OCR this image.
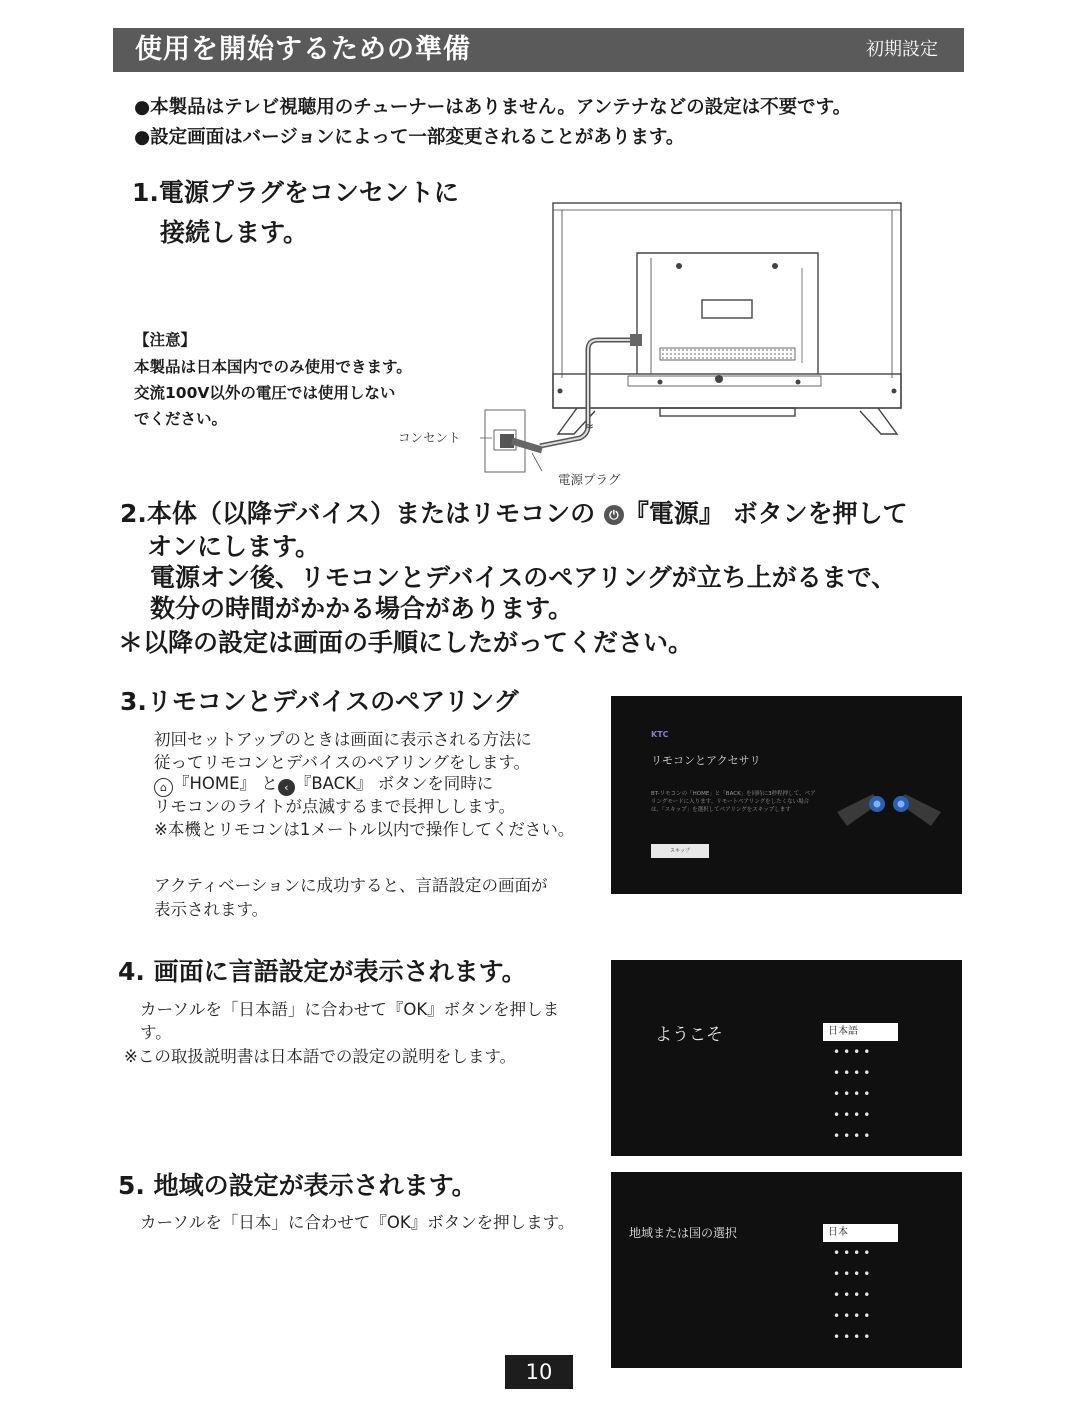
使用を開始するための準備	初期設定
●本製品はテレビ視聴用のチューナーはありません。アンテナなどの設定は不要です。
●設定画面はバージョンによって一部変更されることがあります。
1.電源プラグをコンセントに
接続します。
【注意】
本製品は日本国内でのみ使用できます。
交流100V以外の電圧では使用しない
でください。	≈
コンセント
電源プラグ
2.本体（以降デバイス）またはリモコンの ⏻ 『電源』 ボタンを押して
オンにします。
電源オン後、リモコンとデバイスのペアリングが立ち上がるまで、
数分の時間がかかる場合があります。
＊以降の設定は画面の手順にしたがってください。
3.リモコンとデバイスのペアリング
初回セットアップのときは画面に表示される方法に
従ってリモコンとデバイスのペアリングをします。
⌂ 『HOME』 と ‹ 『BACK』 ボタンを同時に
リモコンのライトが点滅するまで長押しします。
※本機とリモコンは1メートル以内で操作してください。
アクティベーションに成功すると、言語設定の画面が
表示されます。
KTC
リモコンとアクセサリ
BT-リモコンの「HOME」と「BACK」を同時に3秒程押して、ペア
リングモードに入ります。リモートペアリングをしたくない場合
は、「スキップ」を選択してペアリングをスキップします
スキップ
4. 画面に言語設定が表示されます。
カーソルを「日本語」に合わせて『OK』ボタンを押しま
す。
※この取扱説明書は日本語での設定の説明をします。
ようこそ	日本語
••••
••••
••••
••••
••••
5. 地域の設定が表示されます。
カーソルを「日本」に合わせて『OK』ボタンを押します。
地域または国の選択	日本
••••
••••
••••
••••
••••
10
